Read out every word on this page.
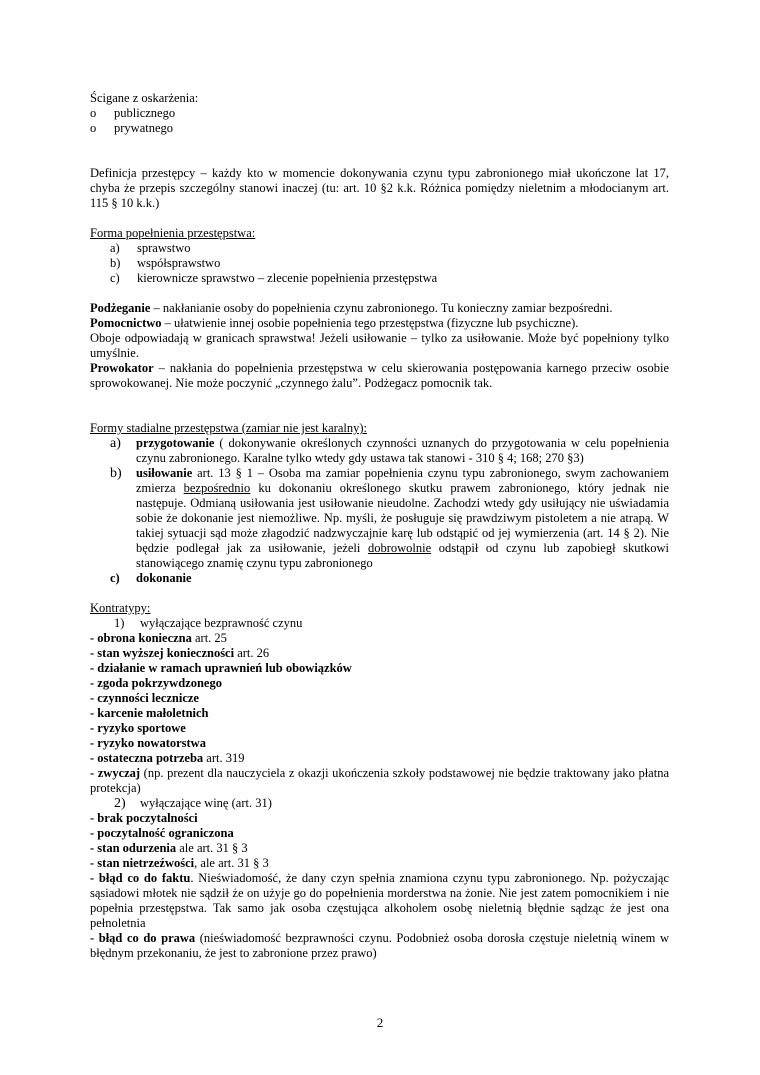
Ścigane z oskarżenia:

o	publicznego
o	prywatnego

Definicja przestępcy – każdy kto w momencie dokonywania czynu typu zabronionego miał ukończone lat 17, chyba że przepis szczególny stanowi inaczej (tu: art. 10 §2 k.k. Różnica pomiędzy nieletnim a młodocianym art. 115 § 10 k.k.)

Forma popełnienia przestępstwa:

a)	sprawstwo
b)	współsprawstwo
c)	kierownicze sprawstwo – zlecenie popełnienia przestępstwa

Podżeganie – nakłanianie osoby do popełnienia czynu zabronionego. Tu konieczny zamiar bezpośredni.

Pomocnictwo – ułatwienie innej osobie popełnienia tego przestępstwa (fizyczne lub psychiczne).

Oboje odpowiadają w granicach sprawstwa! Jeżeli usiłowanie – tylko za usiłowanie. Może być popełniony tylko umyślnie.

Prowokator – nakłania do popełnienia przestępstwa w celu skierowania postępowania karnego przeciw osobie sprowokowanej. Nie może poczynić „czynnego żalu”. Podżegacz pomocnik tak.

Formy stadialne przestępstwa (zamiar nie jest karalny):

a)	przygotowanie ( dokonywanie określonych czynności uznanych do przygotowania w celu popełnienia czynu zabronionego. Karalne tylko wtedy gdy ustawa tak stanowi - 310 § 4; 168; 270 §3)
b)	usiłowanie art. 13 § 1 – Osoba ma zamiar popełnienia czynu typu zabronionego, swym zachowaniem zmierza bezpośrednio ku dokonaniu określonego skutku prawem zabronionego, który jednak nie następuje. Odmianą usiłowania jest usiłowanie nieudolne. Zachodzi wtedy gdy usiłujący nie uświadamia sobie że dokonanie jest niemożliwe. Np. myśli, że posługuje się prawdziwym pistoletem a nie atrapą. W takiej sytuacji sąd może złagodzić nadzwyczajnie karę lub odstąpić od jej wymierzenia (art. 14 § 2). Nie będzie podlegał jak za usiłowanie, jeżeli dobrowolnie odstąpił od czynu lub zapobiegł skutkowi stanowiącego znamię czynu typu zabronionego
c)	dokonanie

Kontratypy:

1)	wyłączające bezprawność czynu

- obrona konieczna art. 25

- stan wyższej konieczności art. 26

- działanie w ramach uprawnień lub obowiązków

- zgoda pokrzywdzonego

- czynności lecznicze

- karcenie małoletnich

- ryzyko sportowe

- ryzyko nowatorstwa

- ostateczna potrzeba art. 319

- zwyczaj (np. prezent dla nauczyciela z okazji ukończenia szkoły podstawowej nie będzie traktowany jako płatna protekcja)

2)	wyłączające winę (art. 31)

- brak poczytalności

- poczytalność ograniczona

- stan odurzenia ale art. 31 § 3

- stan nietrzeźwości, ale art. 31 § 3

- błąd co do faktu. Nieświadomość, że dany czyn spełnia znamiona czynu typu zabronionego. Np. pożyczając sąsiadowi młotek nie sądził że on użyje go do popełnienia morderstwa na żonie. Nie jest zatem pomocnikiem i nie popełnia przestępstwa. Tak samo jak osoba częstująca alkoholem osobę nieletnią błędnie sądząc że jest ona pełnoletnia

- błąd co do prawa (nieświadomość bezprawności czynu. Podobnież osoba dorosła częstuje nieletnią winem w błędnym przekonaniu, że jest to zabronione przez prawo)

2
